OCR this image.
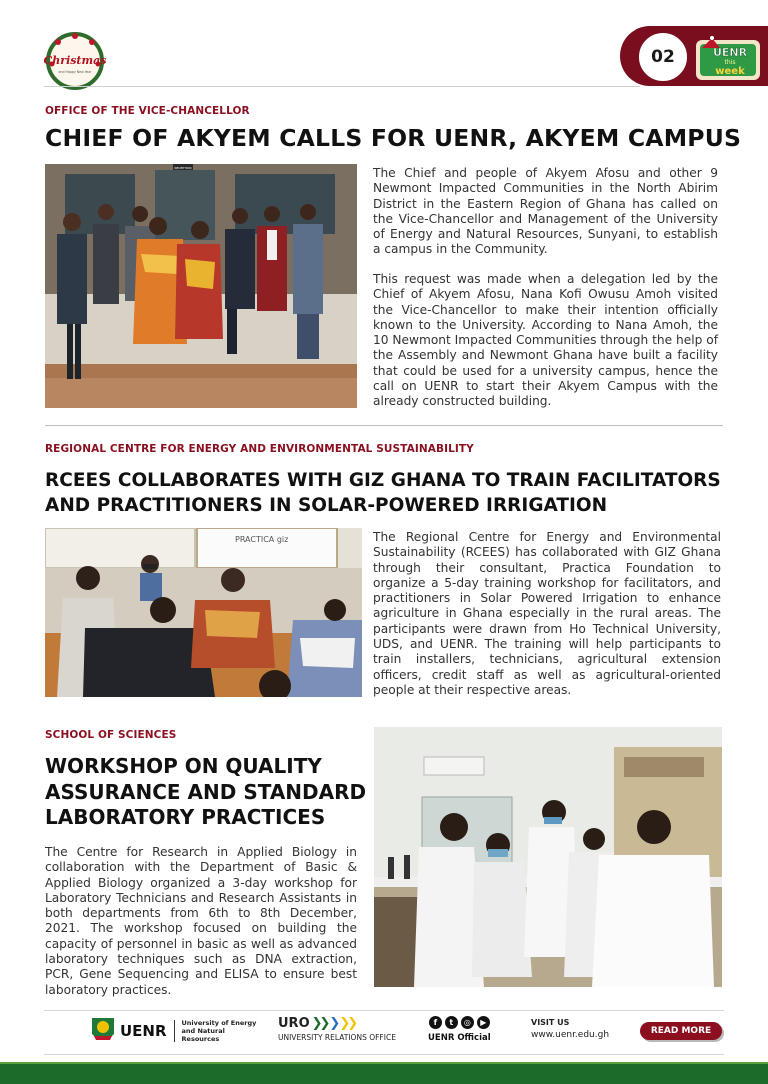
Christmas
and Happy New Year
02	UENR
this
week
OFFICE OF THE VICE-CHANCELLOR
CHIEF OF AKYEM CALLS FOR UENR, AKYEM CAMPUS
RECEPTION	The Chief and people of Akyem Afosu and other 9 Newmont Impacted Communities in the North Abirim District in the Eastern Region of Ghana has called on the Vice-Chancellor and Management of the University of Energy and Natural Resources, Sunyani, to establish a campus in the Community.
This request was made when a delegation led by the Chief of Akyem Afosu, Nana Kofi Owusu Amoh visited the Vice-Chancellor to make their intention officially known to the University. According to Nana Amoh, the 10 Newmont Impacted Communities through the help of the Assembly and Newmont Ghana have built a facility that could be used for a university campus, hence the call on UENR to start their Akyem Campus with the already constructed building.
REGIONAL CENTRE FOR ENERGY AND ENVIRONMENTAL SUSTAINABILITY
RCEES COLLABORATES WITH GIZ GHANA TO TRAIN FACILITATORS
AND PRACTITIONERS IN SOLAR-POWERED IRRIGATION
PRACTICA giz	The Regional Centre for Energy and Environmental Sustainability (RCEES) has collaborated with GIZ Ghana through their consultant, Practica Foundation to organize a 5-day training workshop for facilitators, and practitioners in Solar Powered Irrigation to enhance agriculture in Ghana especially in the rural areas. The participants were drawn from Ho Technical University, UDS, and UENR. The training will help participants to train installers, technicians, agricultural extension officers, credit staff as well as agricultural-oriented people at their respective areas.
SCHOOL OF SCIENCES
WORKSHOP ON QUALITY
ASSURANCE AND STANDARD
LABORATORY PRACTICES
The Centre for Research in Applied Biology in collaboration with the Department of Basic & Applied Biology organized a 3-day workshop for Laboratory Technicians and Research Assistants in both departments from 6th to 8th December, 2021. The workshop focused on building the capacity of personnel in basic as well as advanced laboratory techniques such as DNA extraction, PCR, Gene Sequencing and ELISA to ensure best laboratory practices.
UENR University of Energy
and Natural Resources
URO ❯❯ ❯ ❯❯
UNIVERSITY RELATIONS OFFICE
f	t	◎	▶
UENR Official
VISIT US
www.uenr.edu.gh	READ MORE
